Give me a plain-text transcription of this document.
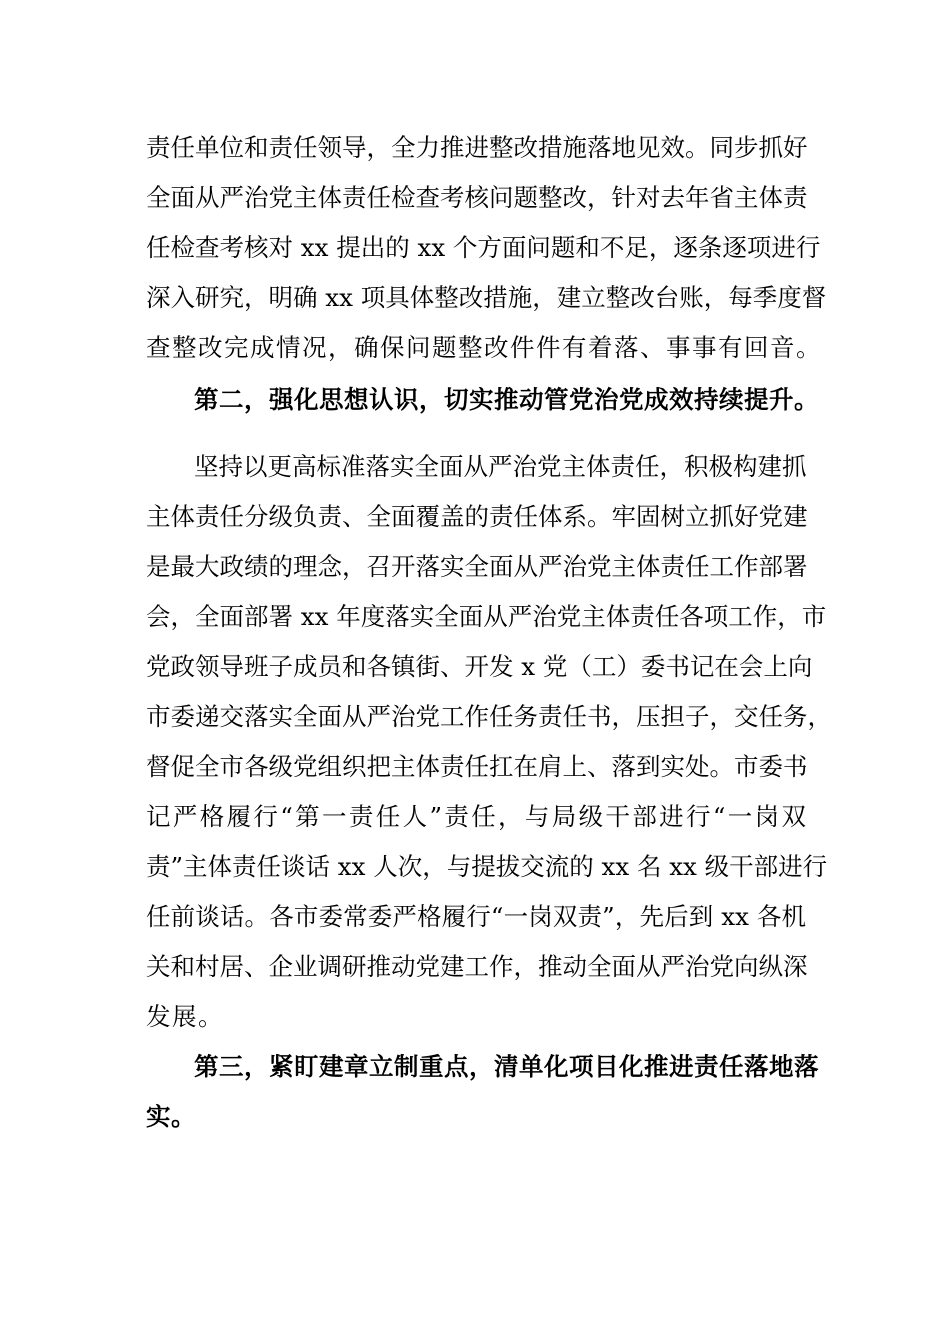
责任单位和责任领导，全力推进整改措施落地见效。同步抓好
全面从严治党主体责任检查考核问题整改，针对去年省主体责
任检查考核对 xx 提出的 xx 个方面问题和不足，逐条逐项进行
深入研究，明确 xx 项具体整改措施，建立整改台账，每季度督
查整改完成情况，确保问题整改件件有着落、事事有回音。
第二，强化思想认识，切实推动管党治党成效持续提升。
坚持以更高标准落实全面从严治党主体责任，积极构建抓
主体责任分级负责、全面覆盖的责任体系。牢固树立抓好党建
是最大政绩的理念，召开落实全面从严治党主体责任工作部署
会，全面部署 xx 年度落实全面从严治党主体责任各项工作，市
党政领导班子成员和各镇街、开发 x 党（工）委书记在会上向
市委递交落实全面从严治党工作任务责任书，压担子，交任务，
督促全市各级党组织把主体责任扛在肩上、落到实处。市委书
记严格履行“第一责任人”责任，与局级干部进行“一岗双
责”主体责任谈话 xx 人次，与提拔交流的 xx 名 xx 级干部进行
任前谈话。各市委常委严格履行“一岗双责”，先后到 xx 各机
关和村居、企业调研推动党建工作，推动全面从严治党向纵深
发展。
第三，紧盯建章立制重点，清单化项目化推进责任落地落
实。
